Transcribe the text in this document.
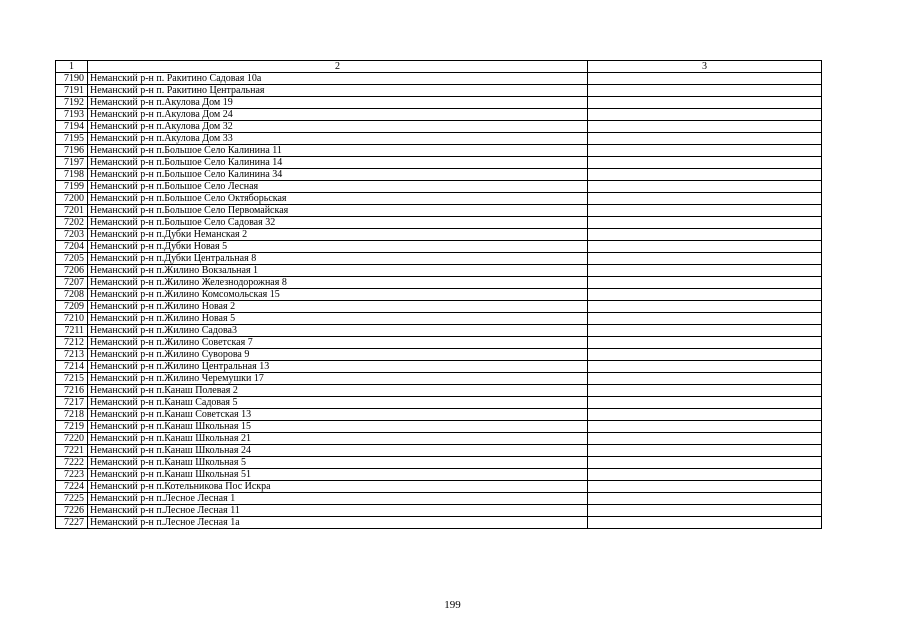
1	2	3
7190	Неманский р-н п. Ракитино Садовая 10а	
7191	Неманский р-н п. Ракитино Центральная	
7192	Неманский р-н п.Акулова Дом 19	
7193	Неманский р-н п.Акулова Дом 24	
7194	Неманский р-н п.Акулова Дом 32	
7195	Неманский р-н п.Акулова Дом 33	
7196	Неманский р-н п.Большое Село Калинина 11	
7197	Неманский р-н п.Большое Село Калинина 14	
7198	Неманский р-н п.Большое Село Калинина 34	
7199	Неманский р-н п.Большое Село Лесная	
7200	Неманский р-н п.Большое Село Октяборьская	
7201	Неманский р-н п.Большое Село Первомайская	
7202	Неманский р-н п.Большое Село Садовая 32	
7203	Неманский р-н п.Дубки Неманская 2	
7204	Неманский р-н п.Дубки Новая 5	
7205	Неманский р-н п.Дубки Центральная 8	
7206	Неманский р-н п.Жилино Вокзальная 1	
7207	Неманский р-н п.Жилино Железнодорожная 8	
7208	Неманский р-н п.Жилино Комсомольская 15	
7209	Неманский р-н п.Жилино Новая 2	
7210	Неманский р-н п.Жилино Новая 5	
7211	Неманский р-н п.Жилино Садова3	
7212	Неманский р-н п.Жилино Советская 7	
7213	Неманский р-н п.Жилино Суворова 9	
7214	Неманский р-н п.Жилино Центральная 13	
7215	Неманский р-н п.Жилино Черемушки 17	
7216	Неманский р-н п.Канаш Полевая 2	
7217	Неманский р-н п.Канаш Садовая 5	
7218	Неманский р-н п.Канаш Советская 13	
7219	Неманский р-н п.Канаш Школьная 15	
7220	Неманский р-н п.Канаш Школьная 21	
7221	Неманский р-н п.Канаш Школьная 24	
7222	Неманский р-н п.Канаш Школьная 5	
7223	Неманский р-н п.Канаш Школьная 51	
7224	Неманский р-н п.Котельникова Пос Искра	
7225	Неманский р-н п.Лесное Лесная 1	
7226	Неманский р-н п.Лесное Лесная 11	
7227	Неманский р-н п.Лесное Лесная 1а	
199
